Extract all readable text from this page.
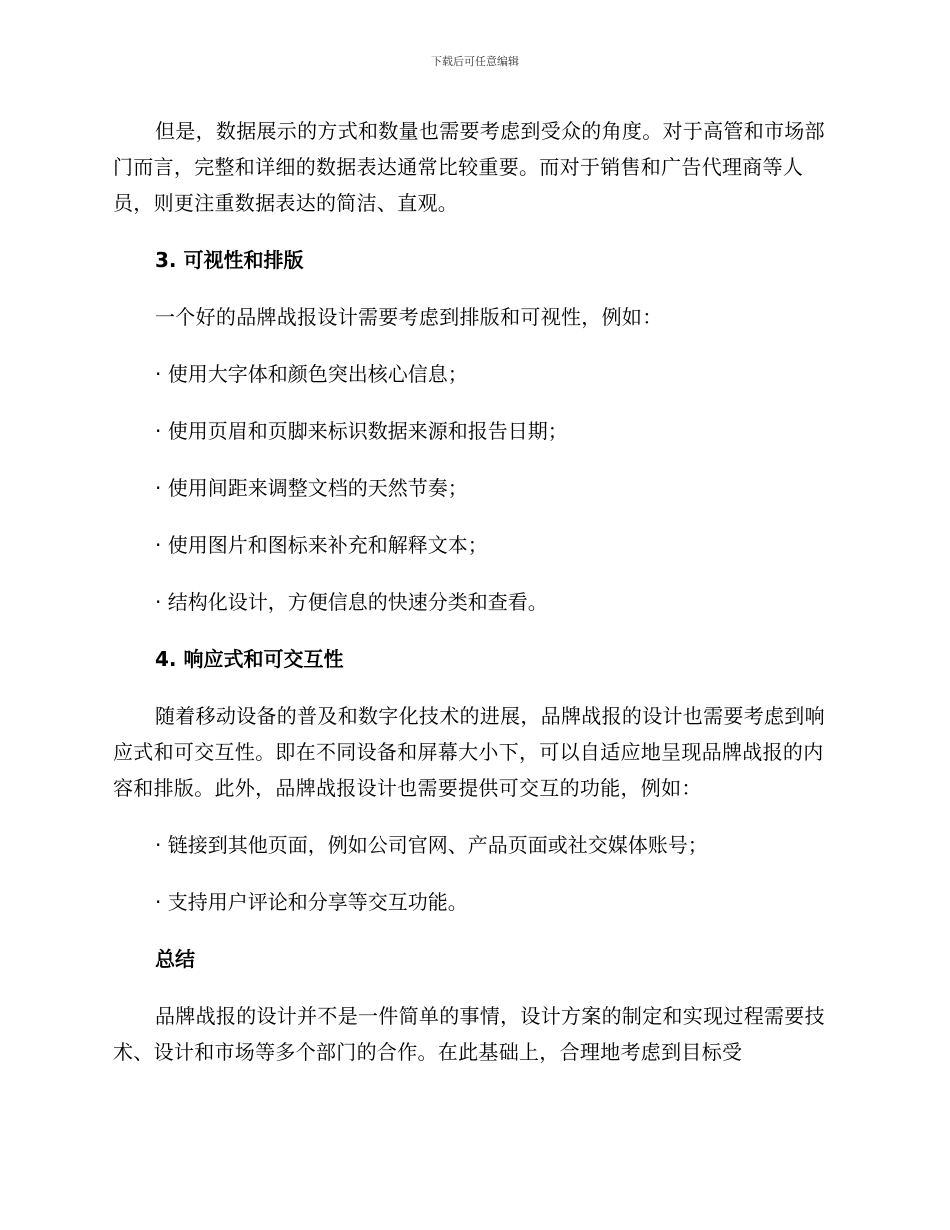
下载后可任意编辑

但是，数据展示的方式和数量也需要考虑到受众的角度。对于高管和市场部门而言，完整和详细的数据表达通常比较重要。而对于销售和广告代理商等人员，则更注重数据表达的简洁、直观。

3. 可视性和排版

一个好的品牌战报设计需要考虑到排版和可视性，例如：

· 使用大字体和颜色突出核心信息；
· 使用页眉和页脚来标识数据来源和报告日期；
· 使用间距来调整文档的天然节奏；
· 使用图片和图标来补充和解释文本；
· 结构化设计，方便信息的快速分类和查看。
4. 响应式和可交互性

随着移动设备的普及和数字化技术的进展，品牌战报的设计也需要考虑到响应式和可交互性。即在不同设备和屏幕大小下，可以自适应地呈现品牌战报的内容和排版。此外，品牌战报设计也需要提供可交互的功能，例如：

· 链接到其他页面，例如公司官网、产品页面或社交媒体账号；
· 支持用户评论和分享等交互功能。
总结

品牌战报的设计并不是一件简单的事情，设计方案的制定和实现过程需要技术、设计和市场等多个部门的合作。在此基础上，合理地考虑到目标受
